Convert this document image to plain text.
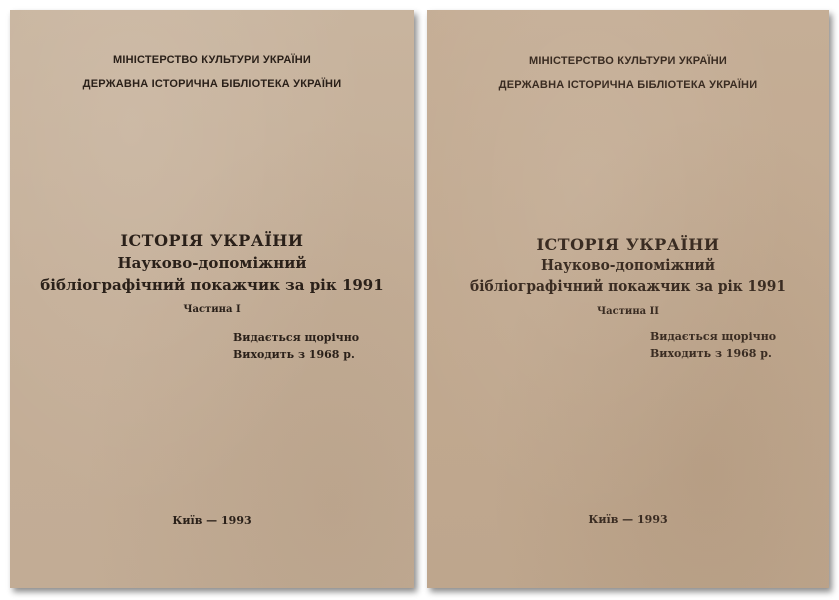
МІНІСТЕРСТВО КУЛЬТУРИ УКРАЇНИ
ДЕРЖАВНА ІСТОРИЧНА БІБЛІОТЕКА УКРАЇНИ
ІСТОРІЯ УКРАЇНИ
Науково-допоміжний
бібліографічний покажчик за рік 1991
Частина I
Видається щорічно
Виходить з 1968 р.
Київ — 1993
МІНІСТЕРСТВО КУЛЬТУРИ УКРАЇНИ
ДЕРЖАВНА ІСТОРИЧНА БІБЛІОТЕКА УКРАЇНИ
ІСТОРІЯ УКРАЇНИ
Науково-допоміжний
бібліографічний покажчик за рік 1991
Частина II
Видається щорічно
Виходить з 1968 р.
Київ — 1993
